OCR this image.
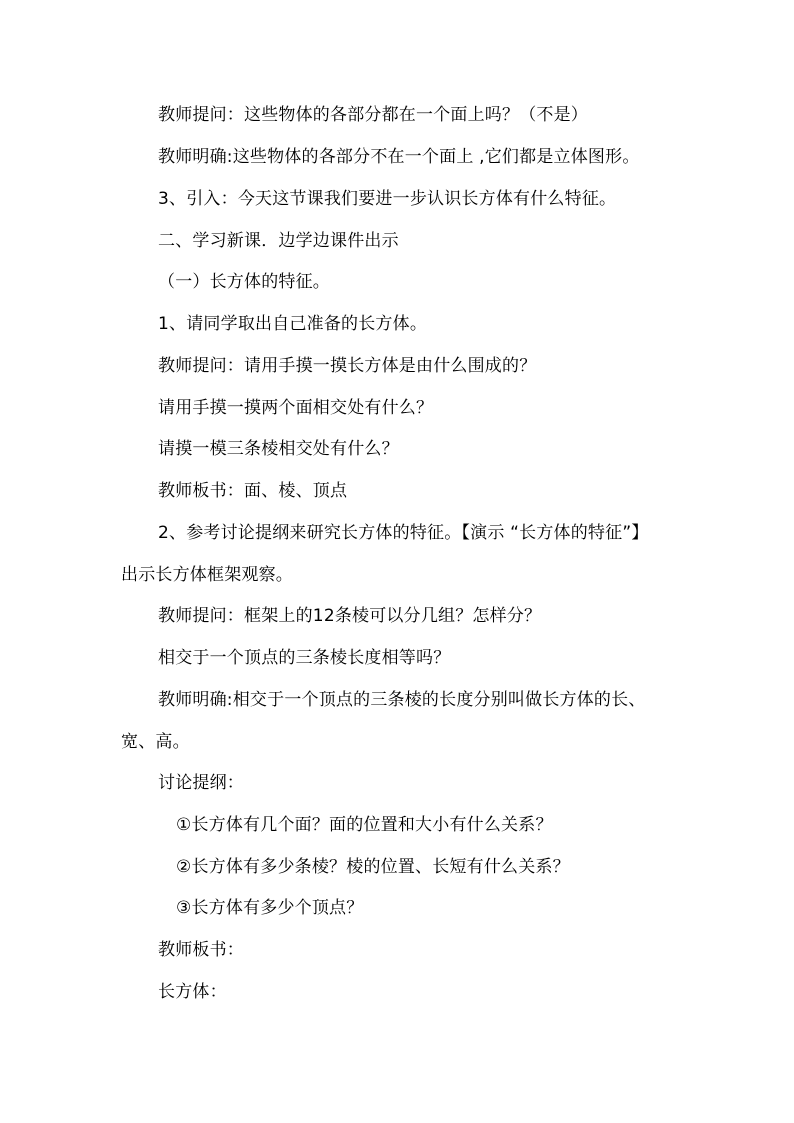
教师提问：这些物体的各部分都在一个面上吗？（不是）
教师明确:这些物体的各部分不在一个面上 ,它们都是立体图形。
3、引入：今天这节课我们要进一步认识长方体有什么特征。
二、学习新课．边学边课件出示
（一）长方体的特征。
1、请同学取出自己准备的长方体。
教师提问：请用手摸一摸长方体是由什么围成的？
请用手摸一摸两个面相交处有什么？
请摸一模三条棱相交处有什么？
教师板书：面、棱、顶点
2、参考讨论提纲来研究长方体的特征。【演示 “长方体的特征”】
出示长方体框架观察。
教师提问：框架上的12条棱可以分几组？怎样分？
相交于一个顶点的三条棱长度相等吗？
教师明确:相交于一个顶点的三条棱的长度分别叫做长方体的长、
宽、高。
讨论提纲：
①长方体有几个面？面的位置和大小有什么关系？
②长方体有多少条棱？棱的位置、长短有什么关系？
③长方体有多少个顶点？
教师板书：
长方体：
